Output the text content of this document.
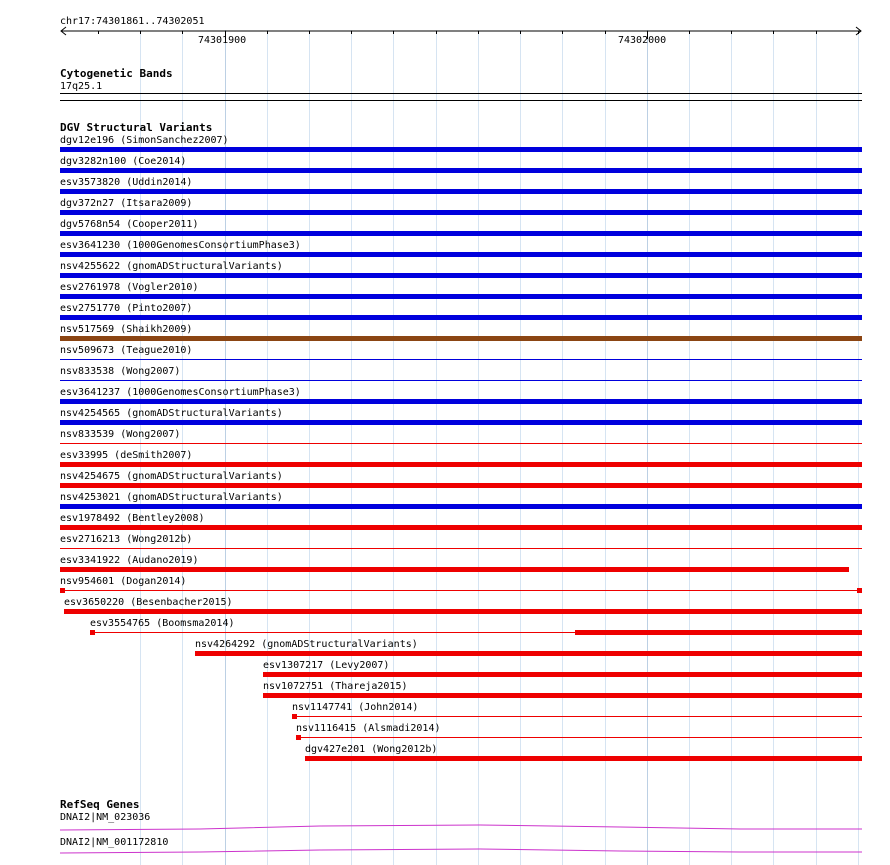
chr17:74301861..74302051
74301900	74302000
Cytogenetic Bands
17q25.1
DGV Structural Variants
dgv12e196 (SimonSanchez2007)
dgv3282n100 (Coe2014)
esv3573820 (Uddin2014)
dgv372n27 (Itsara2009)
dgv5768n54 (Cooper2011)
esv3641230 (1000GenomesConsortiumPhase3)
nsv4255622 (gnomADStructuralVariants)
esv2761978 (Vogler2010)
esv2751770 (Pinto2007)
nsv517569 (Shaikh2009)
nsv509673 (Teague2010)
nsv833538 (Wong2007)
esv3641237 (1000GenomesConsortiumPhase3)
nsv4254565 (gnomADStructuralVariants)
nsv833539 (Wong2007)
esv33995 (deSmith2007)
nsv4254675 (gnomADStructuralVariants)
nsv4253021 (gnomADStructuralVariants)
esv1978492 (Bentley2008)
esv2716213 (Wong2012b)
esv3341922 (Audano2019)
nsv954601 (Dogan2014)
esv3650220 (Besenbacher2015)
esv3554765 (Boomsma2014)
nsv4264292 (gnomADStructuralVariants)
esv1307217 (Levy2007)
nsv1072751 (Thareja2015)
nsv1147741 (John2014)
nsv1116415 (Alsmadi2014)
dgv427e201 (Wong2012b)
RefSeq Genes
DNAI2|NM_023036
DNAI2|NM_001172810
